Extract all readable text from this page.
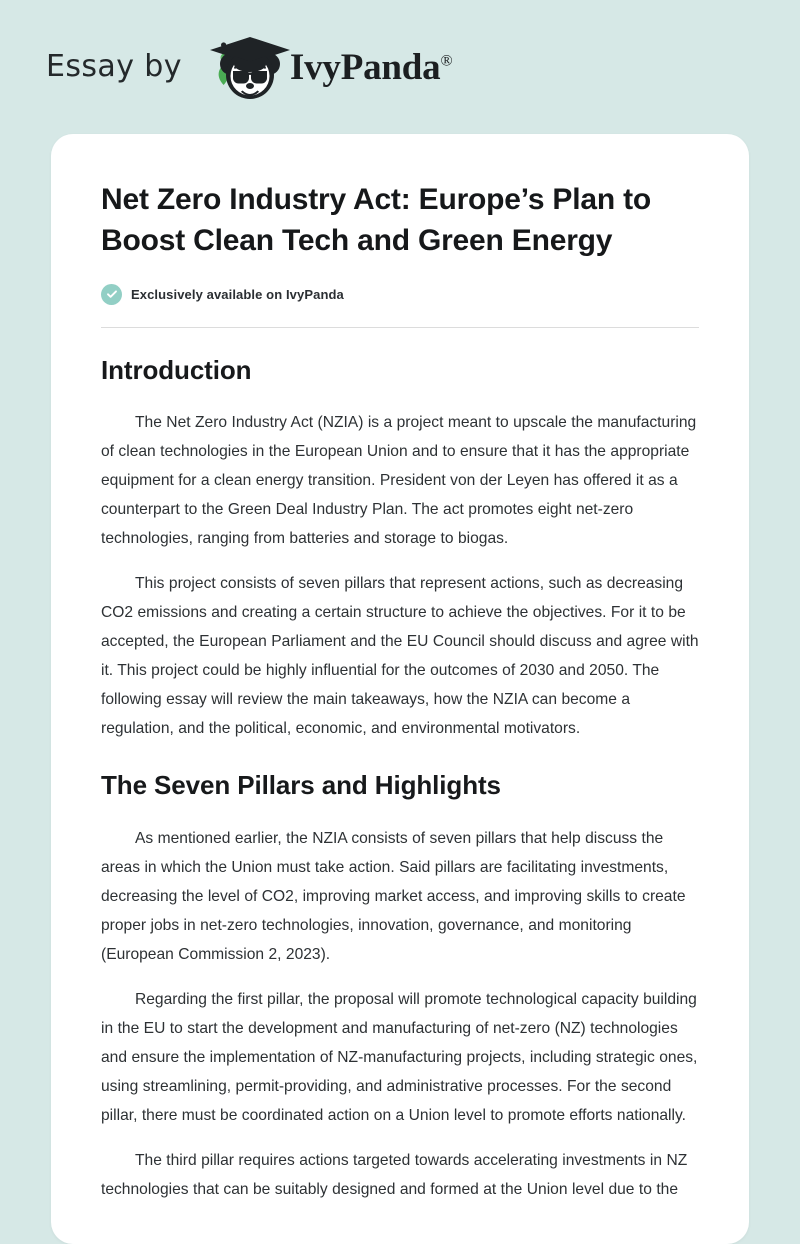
Essay by	IvyPanda®
Net Zero Industry Act: Europe’s Plan to Boost Clean Tech and Green Energy
Exclusively available on IvyPanda
Introduction

The Net Zero Industry Act (NZIA) is a project meant to upscale the manufacturing of clean technologies in the European Union and to ensure that it has the appropriate equipment for a clean energy transition. President von der Leyen has offered it as a counterpart to the Green Deal Industry Plan. The act promotes eight net-zero technologies, ranging from batteries and storage to biogas.

This project consists of seven pillars that represent actions, such as decreasing CO2 emissions and creating a certain structure to achieve the objectives. For it to be accepted, the European Parliament and the EU Council should discuss and agree with it. This project could be highly influential for the outcomes of 2030 and 2050. The following essay will review the main takeaways, how the NZIA can become a regulation, and the political, economic, and environmental motivators.

The Seven Pillars and Highlights

As mentioned earlier, the NZIA consists of seven pillars that help discuss the areas in which the Union must take action. Said pillars are facilitating investments, decreasing the level of CO2, improving market access, and improving skills to create proper jobs in net-zero technologies, innovation, governance, and monitoring (European Commission 2, 2023).

Regarding the first pillar, the proposal will promote technological capacity building in the EU to start the development and manufacturing of net-zero (NZ) technologies and ensure the implementation of NZ-manufacturing projects, including strategic ones, using streamlining, permit-providing, and administrative processes. For the second pillar, there must be coordinated action on a Union level to promote efforts nationally.

The third pillar requires actions targeted towards accelerating investments in NZ technologies that can be suitably designed and formed at the Union level due to the
